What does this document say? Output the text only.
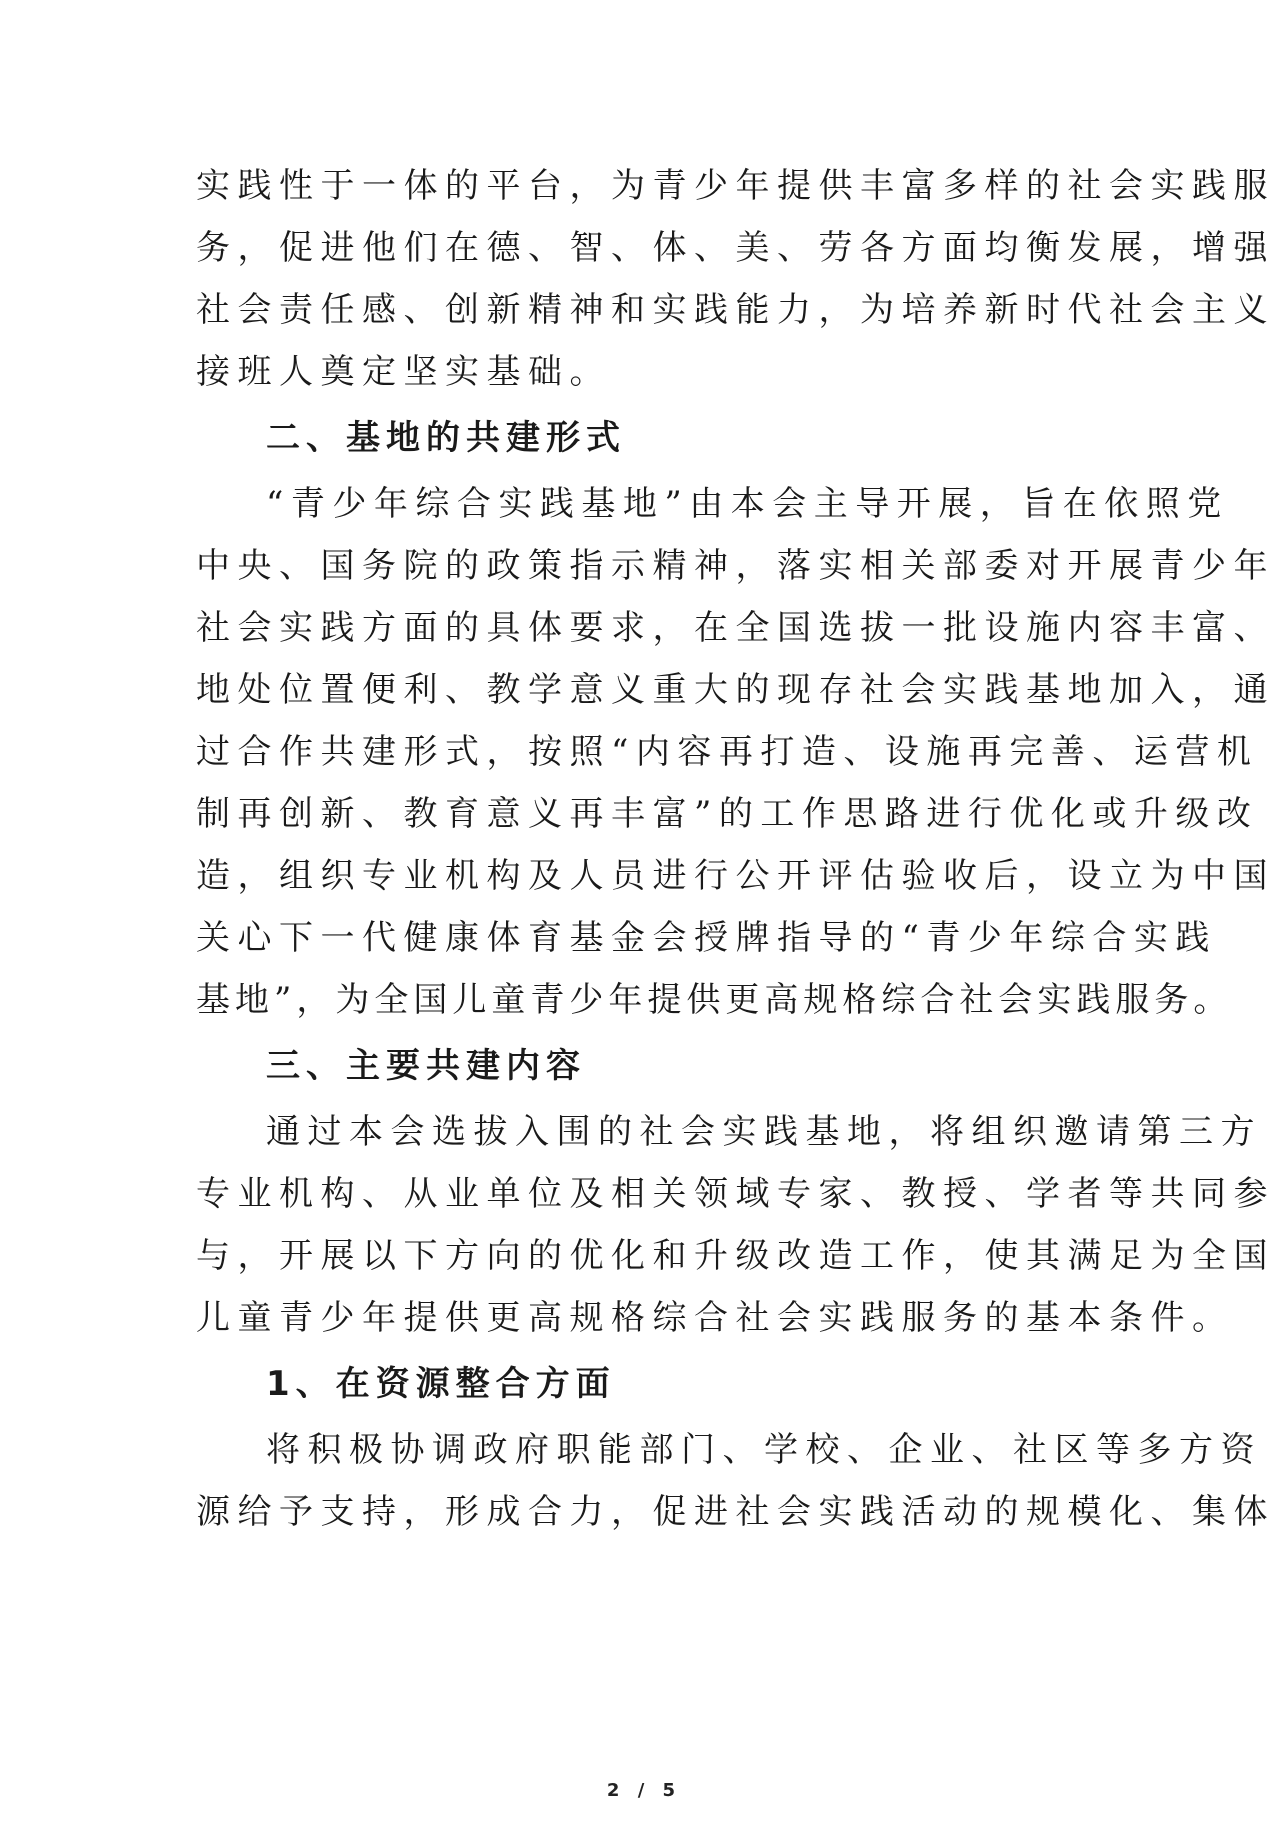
实践性于一体的平台，为青少年提供丰富多样的社会实践服
务，促进他们在德、智、体、美、劳各方面均衡发展，增强
社会责任感、创新精神和实践能力，为培养新时代社会主义
接班人奠定坚实基础。
二、基地的共建形式
“青少年综合实践基地”由本会主导开展，旨在依照党
中央、国务院的政策指示精神，落实相关部委对开展青少年
社会实践方面的具体要求，在全国选拔一批设施内容丰富、
地处位置便利、教学意义重大的现存社会实践基地加入，通
过合作共建形式，按照“内容再打造、设施再完善、运营机
制再创新、教育意义再丰富”的工作思路进行优化或升级改
造，组织专业机构及人员进行公开评估验收后，设立为中国
关心下一代健康体育基金会授牌指导的“青少年综合实践
基地”，为全国儿童青少年提供更高规格综合社会实践服务。
三、主要共建内容
通过本会选拔入围的社会实践基地，将组织邀请第三方
专业机构、从业单位及相关领域专家、教授、学者等共同参
与，开展以下方向的优化和升级改造工作，使其满足为全国
儿童青少年提供更高规格综合社会实践服务的基本条件。
1、在资源整合方面
将积极协调政府职能部门、学校、企业、社区等多方资
源给予支持，形成合力，促进社会实践活动的规模化、集体
2 / 5
